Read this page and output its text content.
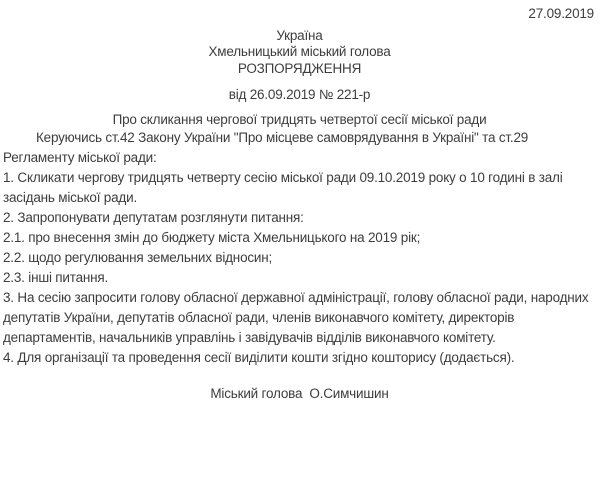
27.09.2019
Україна
Хмельницький міський голова
РОЗПОРЯДЖЕННЯ
від 26.09.2019 № 221-р
Про скликання чергової тридцять четвертої сесії міської ради

Керуючись ст.42 Закону України "Про місцеве самоврядування в Україні" та ст.29 Регламенту міської ради:

1. Скликати чергову тридцять четверту сесію міської ради 09.10.2019 року о 10 годині в залі засідань міської ради.

2. Запропонувати депутатам розглянути питання:

2.1. про внесення змін до бюджету міста Хмельницького на 2019 рік;

2.2. щодо регулювання земельних відносин;

2.3. інші питання.

3. На сесію запросити голову обласної державної адміністрації, голову обласної ради, народних депутатів України, депутатів обласної ради, членів виконавчого комітету, директорів департаментів, начальників управлінь і завідувачів відділів виконавчого комітету.

4. Для організації та проведення сесії виділити кошти згідно кошторису (додається).

Міський голова  О.Симчишин
